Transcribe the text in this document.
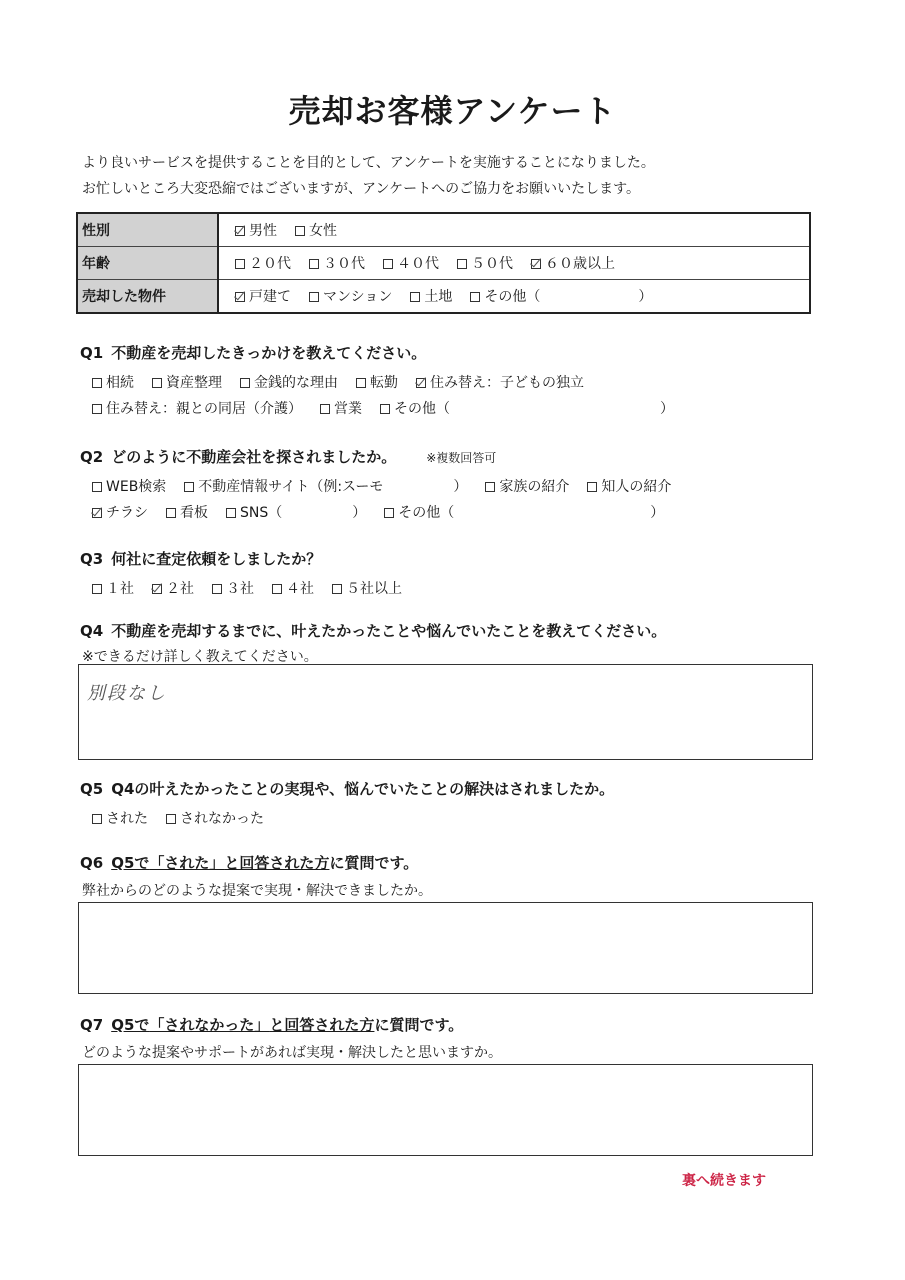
売却お客様アンケート
より良いサービスを提供することを目的として、アンケートを実施することになりました。
お忙しいところ大変恐縮ではございますが、アンケートへのご協力をお願いいたします。
性別	男性 女性
年齢	２０代 ３０代 ４０代 ５０代 ６０歳以上
売却した物件	戸建て マンション 土地 その他（　　　　　　　）
Q1 不動産を売却したきっかけを教えてください。
相続 資産整理 金銭的な理由 転勤 住み替え：子どもの独立
住み替え：親との同居（介護） 営業 その他（　　　　　　　　　　　　　　　）
Q2 どのように不動産会社を探されましたか。	※複数回答可
WEB検索 不動産情報サイト（例:スーモ　　　　　） 家族の紹介 知人の紹介
チラシ 看板 SNS（　　　　　） その他（　　　　　　　　　　　　　　）
Q3 何社に査定依頼をしましたか？
１社 ２社 ３社 ４社 ５社以上
Q4 不動産を売却するまでに、叶えたかったことや悩んでいたことを教えてください。
※できるだけ詳しく教えてください。
別段なし
Q5 Q4の叶えたかったことの実現や、悩んでいたことの解決はされましたか。
された されなかった
Q6 Q5で「された」と回答された方に質問です。
弊社からのどのような提案で実現・解決できましたか。
Q7 Q5で「されなかった」と回答された方に質問です。
どのような提案やサポートがあれば実現・解決したと思いますか。
裏へ続きます
